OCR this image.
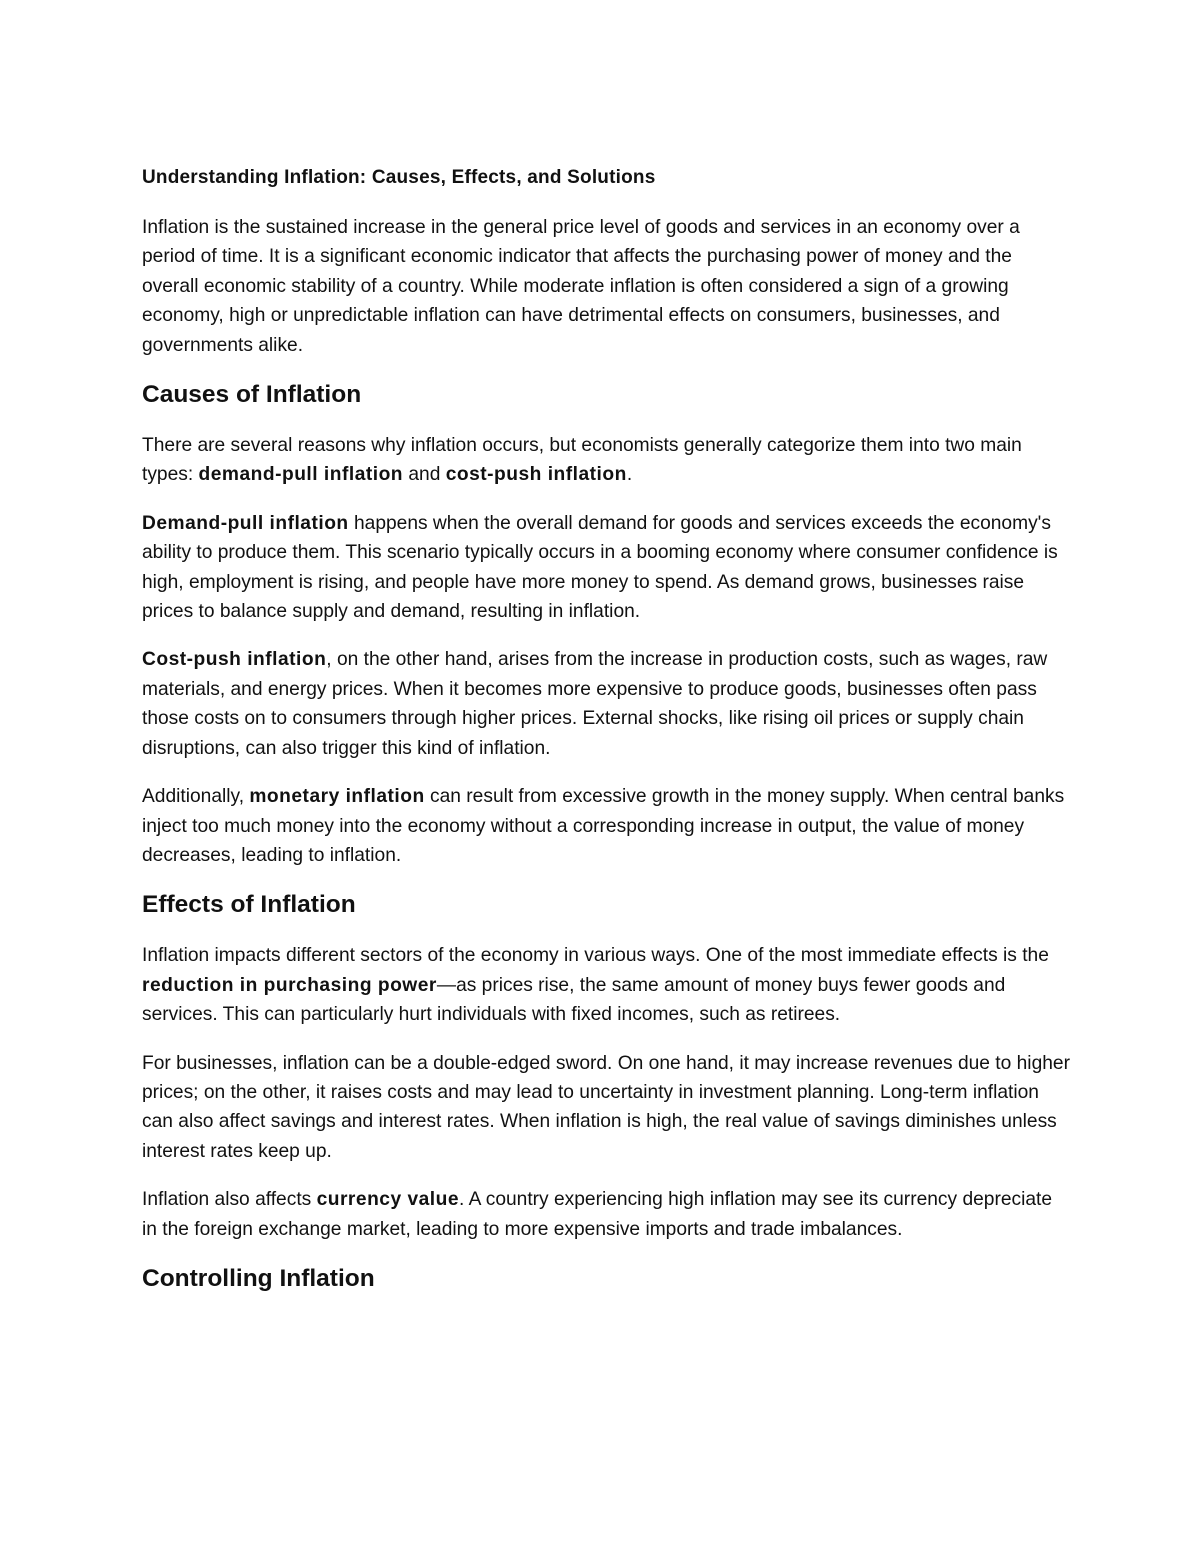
Understanding Inflation: Causes, Effects, and Solutions

Inflation is the sustained increase in the general price level of goods and services in an economy over a period of time. It is a significant economic indicator that affects the purchasing power of money and the overall economic stability of a country. While moderate inflation is often considered a sign of a growing economy, high or unpredictable inflation can have detrimental effects on consumers, businesses, and governments alike.

Causes of Inflation

There are several reasons why inflation occurs, but economists generally categorize them into two main types: demand-pull inflation and cost-push inflation.

Demand-pull inflation happens when the overall demand for goods and services exceeds the economy's ability to produce them. This scenario typically occurs in a booming economy where consumer confidence is high, employment is rising, and people have more money to spend. As demand grows, businesses raise prices to balance supply and demand, resulting in inflation.

Cost-push inflation, on the other hand, arises from the increase in production costs, such as wages, raw materials, and energy prices. When it becomes more expensive to produce goods, businesses often pass those costs on to consumers through higher prices. External shocks, like rising oil prices or supply chain disruptions, can also trigger this kind of inflation.

Additionally, monetary inflation can result from excessive growth in the money supply. When central banks inject too much money into the economy without a corresponding increase in output, the value of money decreases, leading to inflation.

Effects of Inflation

Inflation impacts different sectors of the economy in various ways. One of the most immediate effects is the reduction in purchasing power—as prices rise, the same amount of money buys fewer goods and services. This can particularly hurt individuals with fixed incomes, such as retirees.

For businesses, inflation can be a double-edged sword. On one hand, it may increase revenues due to higher prices; on the other, it raises costs and may lead to uncertainty in investment planning. Long-term inflation can also affect savings and interest rates. When inflation is high, the real value of savings diminishes unless interest rates keep up.

Inflation also affects currency value. A country experiencing high inflation may see its currency depreciate in the foreign exchange market, leading to more expensive imports and trade imbalances.

Controlling Inflation
